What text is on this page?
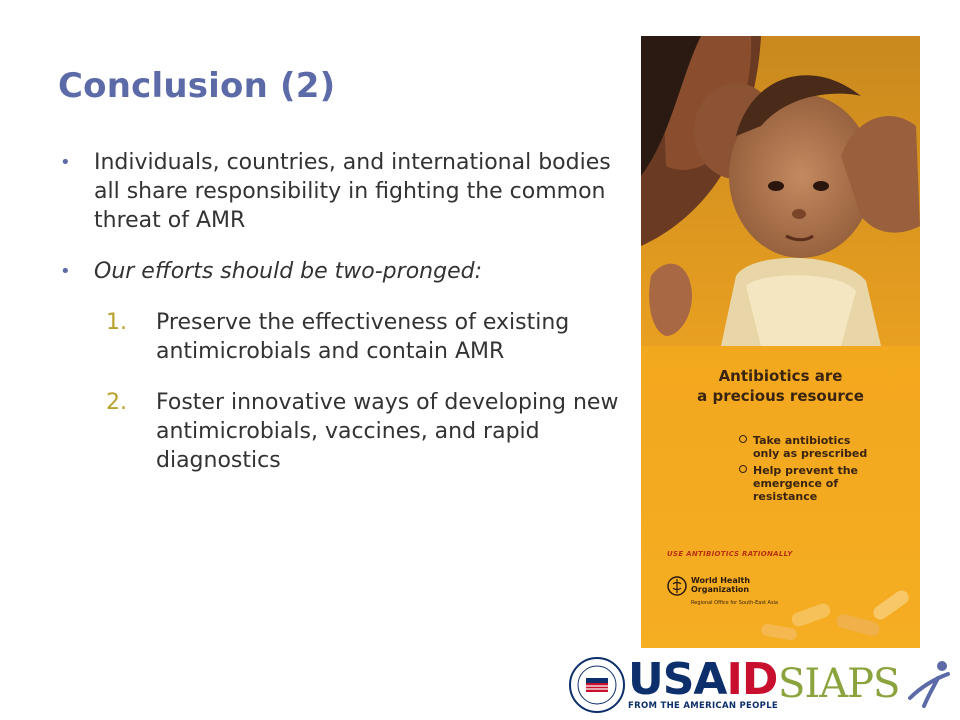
Conclusion (2)
• Individuals, countries, and international bodies all share responsibility in fighting the common threat of AMR
• Our efforts should be two-pronged:
1. Preserve the effectiveness of existing antimicrobials and contain AMR
2. Foster innovative ways of developing new antimicrobials, vaccines, and rapid diagnostics
Antibiotics are
a precious resource
Take antibiotics
only as prescribed
Help prevent the
emergence of
resistance
USE ANTIBIOTICS RATIONALLY
World Health
Organization
Regional Office for South-East Asia
USAID
FROM THE AMERICAN PEOPLE SIAPS
